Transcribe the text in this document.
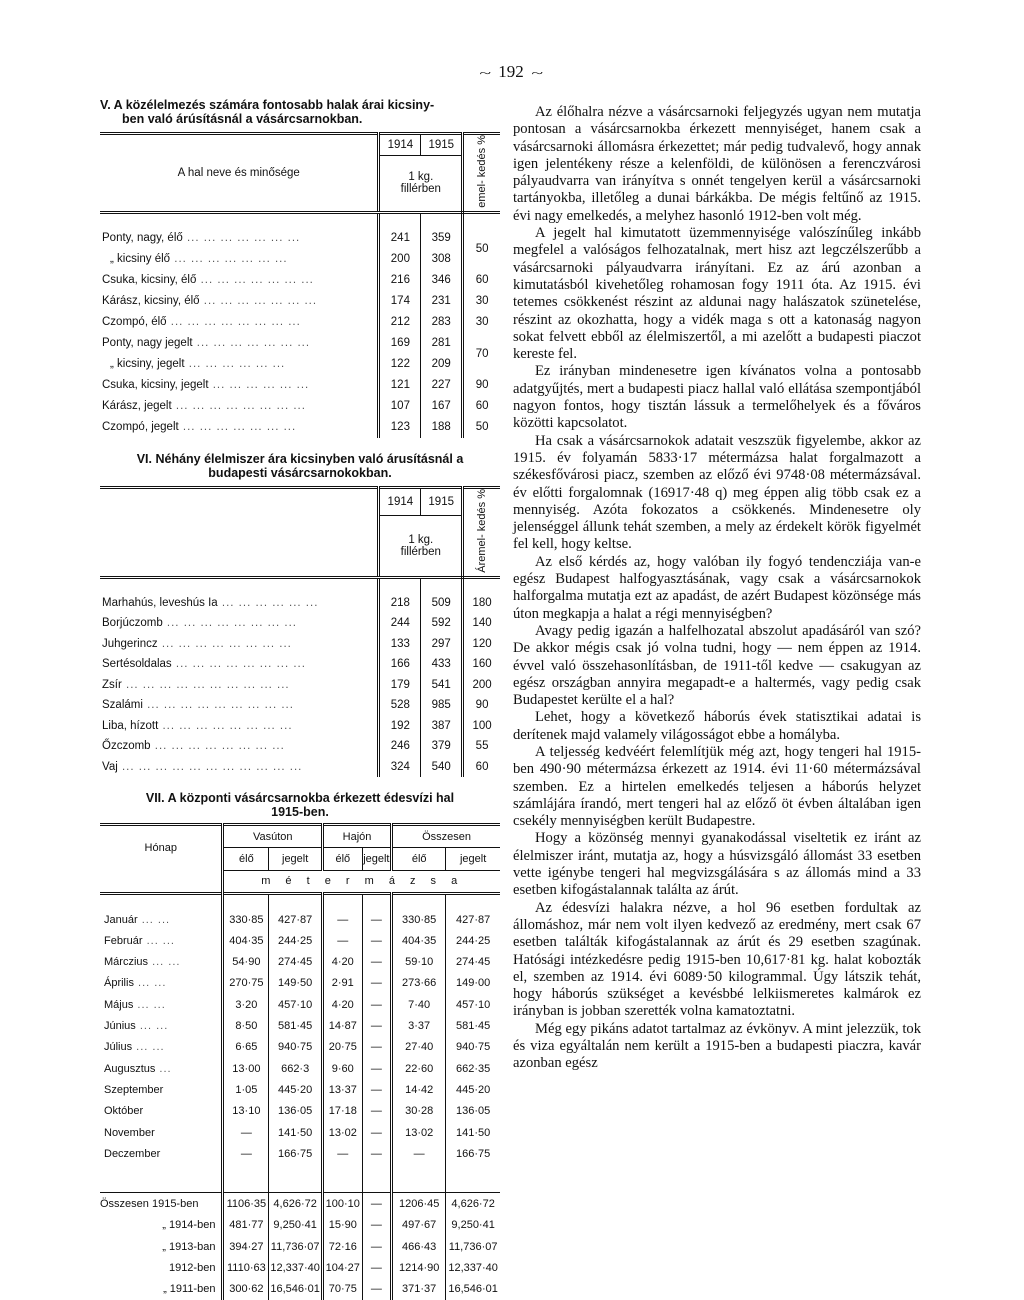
~ 192 ~
V. A közélelmezés számára fontosabb halak árai kicsiny-
ben való árúsításnál a vásárcsarnokban.
A hal neve és minősége	1914	1915	emel- kedés %

	1 kg.
fillérben		

Ponty, nagy, élő ... ... ... ... ... ... ...	241	359	50
„ kicsiny élő ... ... ... ... ... ... ...	200	308	
Csuka, kicsiny, élő ... ... ... ... ... ... ...	216	346	60
Kárász, kicsiny, élő ... ... ... ... ... ... ...	174	231	30
Czompó, élő ... ... ... ... ... ... ... ...	212	283	30
Ponty, nagy jegelt ... ... ... ... ... ... ...	169	281	70
„ kicsiny, jegelt ... ... ... ... ... ...	122	209	
Csuka, kicsiny, jegelt ... ... ... ... ... ...	121	227	90
Kárász, jegelt ... ... ... ... ... ... ... ...	107	167	60
Czompó, jegelt ... ... ... ... ... ... ...	123	188	50
VI. Néhány élelmiszer ára kicsinyben való árusításnál a
budapesti vásárcsarnokokban.
	1914	1915	Áremel- kedés %

	1 kg.
fillérben		

Marhahús, leveshús Ia ... ... ... ... ... ...	218	509	180
Borjúczomb ... ... ... ... ... ... ... ...	244	592	140
Juhgerincz ... ... ... ... ... ... ... ...	133	297	120
Sertésoldalas ... ... ... ... ... ... ... ...	166	433	160
Zsír ... ... ... ... ... ... ... ... ... ...	179	541	200
Szalámi ... ... ... ... ... ... ... ... ...	528	985	90
Liba, hízott ... ... ... ... ... ... ... ...	192	387	100
Őzczomb ... ... ... ... ... ... ... ...	246	379	55
Vaj ... ... ... ... ... ... ... ... ... ... ...	324	540	60
VII. A központi vásárcsarnokba érkezett édesvízi hal
1915-ben.
Hónap	Vasúton		Hajón		Összesen	
	élő	jegelt	élő	jegelt	élő	jegelt
	m é t e r m á z s a					

Január ... ...	330·85	427·87	—	—	330·85	427·87
Február ... ...	404·35	244·25	—	—	404·35	244·25
Márczius ... ...	54·90	274·45	4·20	—	59·10	274·45
Április ... ...	270·75	149·50	2·91	—	273·66	149·00
Május ... ...	3·20	457·10	4·20	—	7·40	457·10
Június ... ...	8·50	581·45	14·87	—	3·37	581·45
Július ... ...	6·65	940·75	20·75	—	27·40	940·75
Augusztus ...	13·00	662·3	9·60	—	22·60	662·35
Szeptember	1·05	445·20	13·37	—	14·42	445·20
Október	13·10	136·05	17·18	—	30·28	136·05
November	—	141·50	13·02	—	13·02	141·50
Deczember	—	166·75	—	—	—	166·75

Összesen 1915-ben	1106·35	4,626·72	100·10	—	1206·45	4,626·72
„ 1914-ben	481·77	9,250·41	15·90	—	497·67	9,250·41
„ 1913-ban	394·27	11,736·07	72·16	—	466·43	11,736·07
1912-ben	1110·63	12,337·40	104·27	—	1214·90	12,337·40
„ 1911-ben	300·62	16,546·01	70·75	—	371·37	16,546·01

Az élőhalra nézve a vásárcsarnoki feljegyzés ugyan nem mutatja pontosan a vásárcsarnokba érkezett mennyiséget, hanem csak a vásárcsarnoki állomásra érkezettet; már pedig tudvalevő, hogy annak igen jelentékeny része a kelenföldi, de különösen a ferenczvárosi pályaudvarra van irányítva s onnét tengelyen kerül a vásárcsarnoki tartányokba, illetőleg a dunai bárkákba. De mégis feltűnő az 1915. évi nagy emelkedés, a melyhez hasonló 1912-ben volt még.

A jegelt hal kimutatott üzemmennyisége valószínűleg inkább megfelel a valóságos felhozatalnak, mert hisz azt legczélszerűbb a vásárcsarnoki pályaudvarra irányítani. Ez az árú azonban a kimutatásból kivehetőleg rohamosan fogy 1911 óta. Az 1915. évi tetemes csökkenést részint az aldunai nagy halászatok szünetelése, részint az okozhatta, hogy a vidék maga s ott a katonaság nagyon sokat felvett ebből az élelmiszertől, a mi azelőtt a budapesti piaczot kereste fel.

Ez irányban mindenesetre igen kívánatos volna a pontosabb adatgyűjtés, mert a budapesti piacz hallal való ellátása szempontjából nagyon fontos, hogy tisztán lássuk a termelőhelyek és a főváros közötti kapcsolatot.

Ha csak a vásárcsarnokok adatait veszszük figyelembe, akkor az 1915. év folyamán 5833·17 métermázsa halat forgalmazott a székesfővárosi piacz, szemben az előző évi 9748·08 métermázsával. év előtti forgalomnak (16917·48 q) meg éppen alig több csak ez a mennyiség. Azóta fokozatos a csökkenés. Mindenesetre oly jelenséggel állunk tehát szemben, a mely az érdekelt körök figyelmét fel kell, hogy keltse.

Az első kérdés az, hogy valóban ily fogyó tendencziája van-e egész Budapest halfogyasztásának, vagy csak a vásárcsarnokok halforgalma mutatja ezt az apadást, de azért Budapest közönsége más úton megkapja a halat a régi mennyiségben?

Avagy pedig igazán a halfelhozatal abszolut apadásáról van szó? De akkor mégis csak jó volna tudni, hogy — nem éppen az 1914. évvel való összehasonlításban, de 1911-től kedve — csakugyan az egész országban annyira megapadt-e a haltermés, vagy pedig csak Budapestet kerülte el a hal?

Lehet, hogy a következő háborús évek statisztikai adatai is derítenek majd valamely világosságot ebbe a homályba.

A teljesség kedvéért felemlítjük még azt, hogy tengeri hal 1915-ben 490·90 métermázsa érkezett az 1914. évi 11·60 métermázsával szemben. Ez a hirtelen emelkedés teljesen a háborús helyzet számlájára írandó, mert tengeri hal az előző öt évben általában igen csekély mennyiségben került Budapestre.

Hogy a közönség mennyi gyanakodással viseltetik ez iránt az élelmiszer iránt, mutatja az, hogy a húsvizsgáló állomást 33 esetben vette igénybe tengeri hal megvizsgálására s az állomás mind a 33 esetben kifogástalannak találta az árút.

Az édesvízi halakra nézve, a hol 96 esetben fordultak az állomáshoz, már nem volt ilyen kedvező az eredmény, mert csak 67 esetben találták kifogástalannak az árút és 29 esetben szagúnak. Hatósági intézkedésre pedig 1915-ben 10,617·81 kg. halat kobozták el, szemben az 1914. évi 6089·50 kilogrammal. Úgy látszik tehát, hogy háborús szükséget a kevésbbé lelkiismeretes kalmárok ez irányban is jobban szerették volna kamatoztatni.

Még egy pikáns adatot tartalmaz az évkönyv. A mint jelezzük, tok és viza egyáltalán nem került a 1915-ben a budapesti piaczra, kavár azonban egész
